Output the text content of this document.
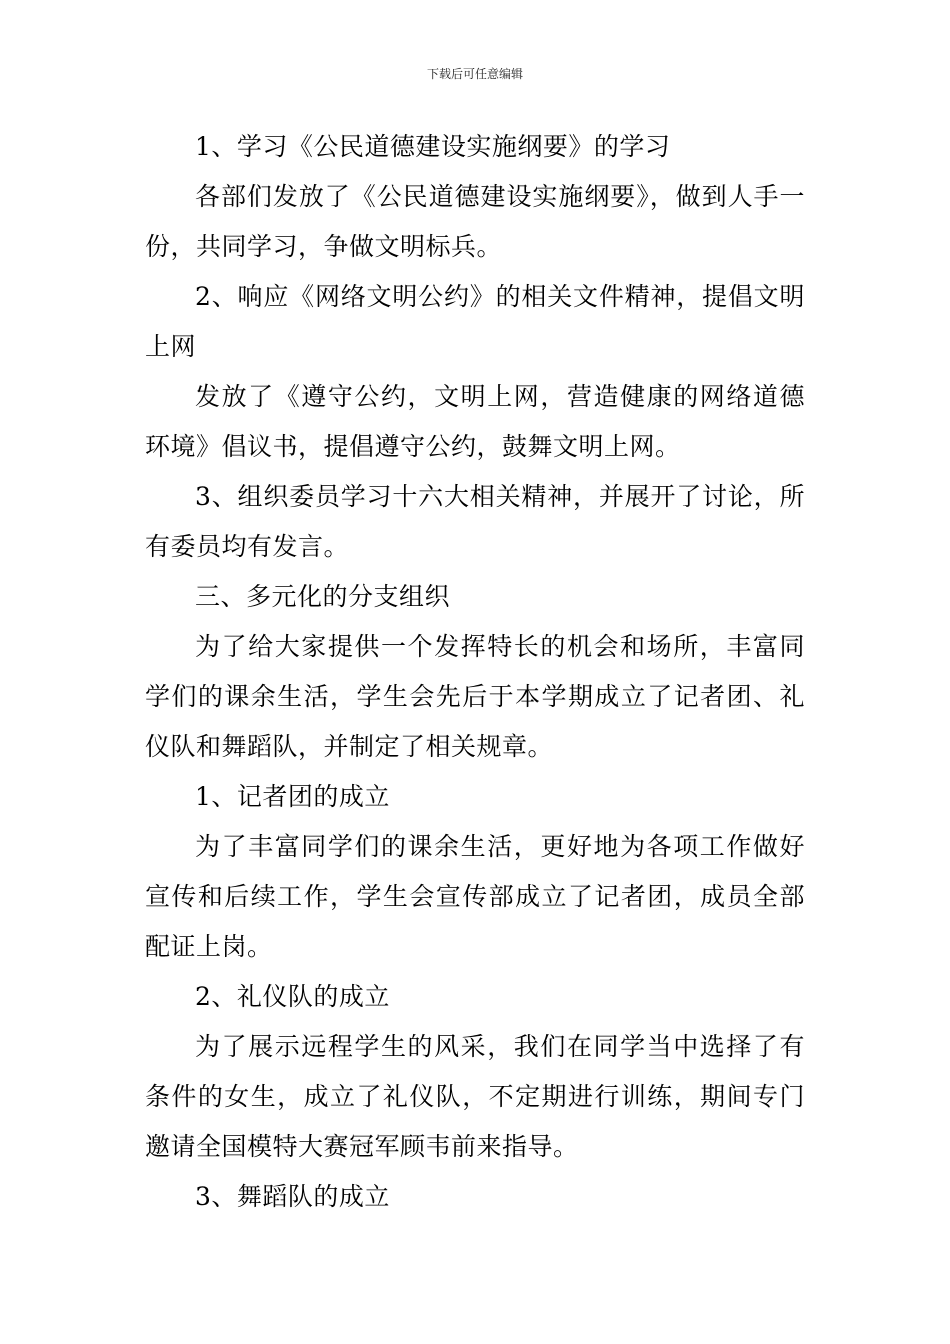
下载后可任意编辑

1、学习《公民道德建设实施纲要》的学习

各部们发放了《公民道德建设实施纲要》，做到人手一份，共同学习，争做文明标兵。

2、响应《网络文明公约》的相关文件精神，提倡文明上网

发放了《遵守公约，文明上网，营造健康的网络道德环境》倡议书，提倡遵守公约，鼓舞文明上网。

3、组织委员学习十六大相关精神，并展开了讨论，所有委员均有发言。

三、多元化的分支组织

为了给大家提供一个发挥特长的机会和场所，丰富同学们的课余生活，学生会先后于本学期成立了记者团、礼仪队和舞蹈队，并制定了相关规章。

1、记者团的成立

为了丰富同学们的课余生活，更好地为各项工作做好宣传和后续工作，学生会宣传部成立了记者团，成员全部配证上岗。

2、礼仪队的成立

为了展示远程学生的风采，我们在同学当中选择了有条件的女生，成立了礼仪队，不定期进行训练，期间专门邀请全国模特大赛冠军顾韦前来指导。

3、舞蹈队的成立
